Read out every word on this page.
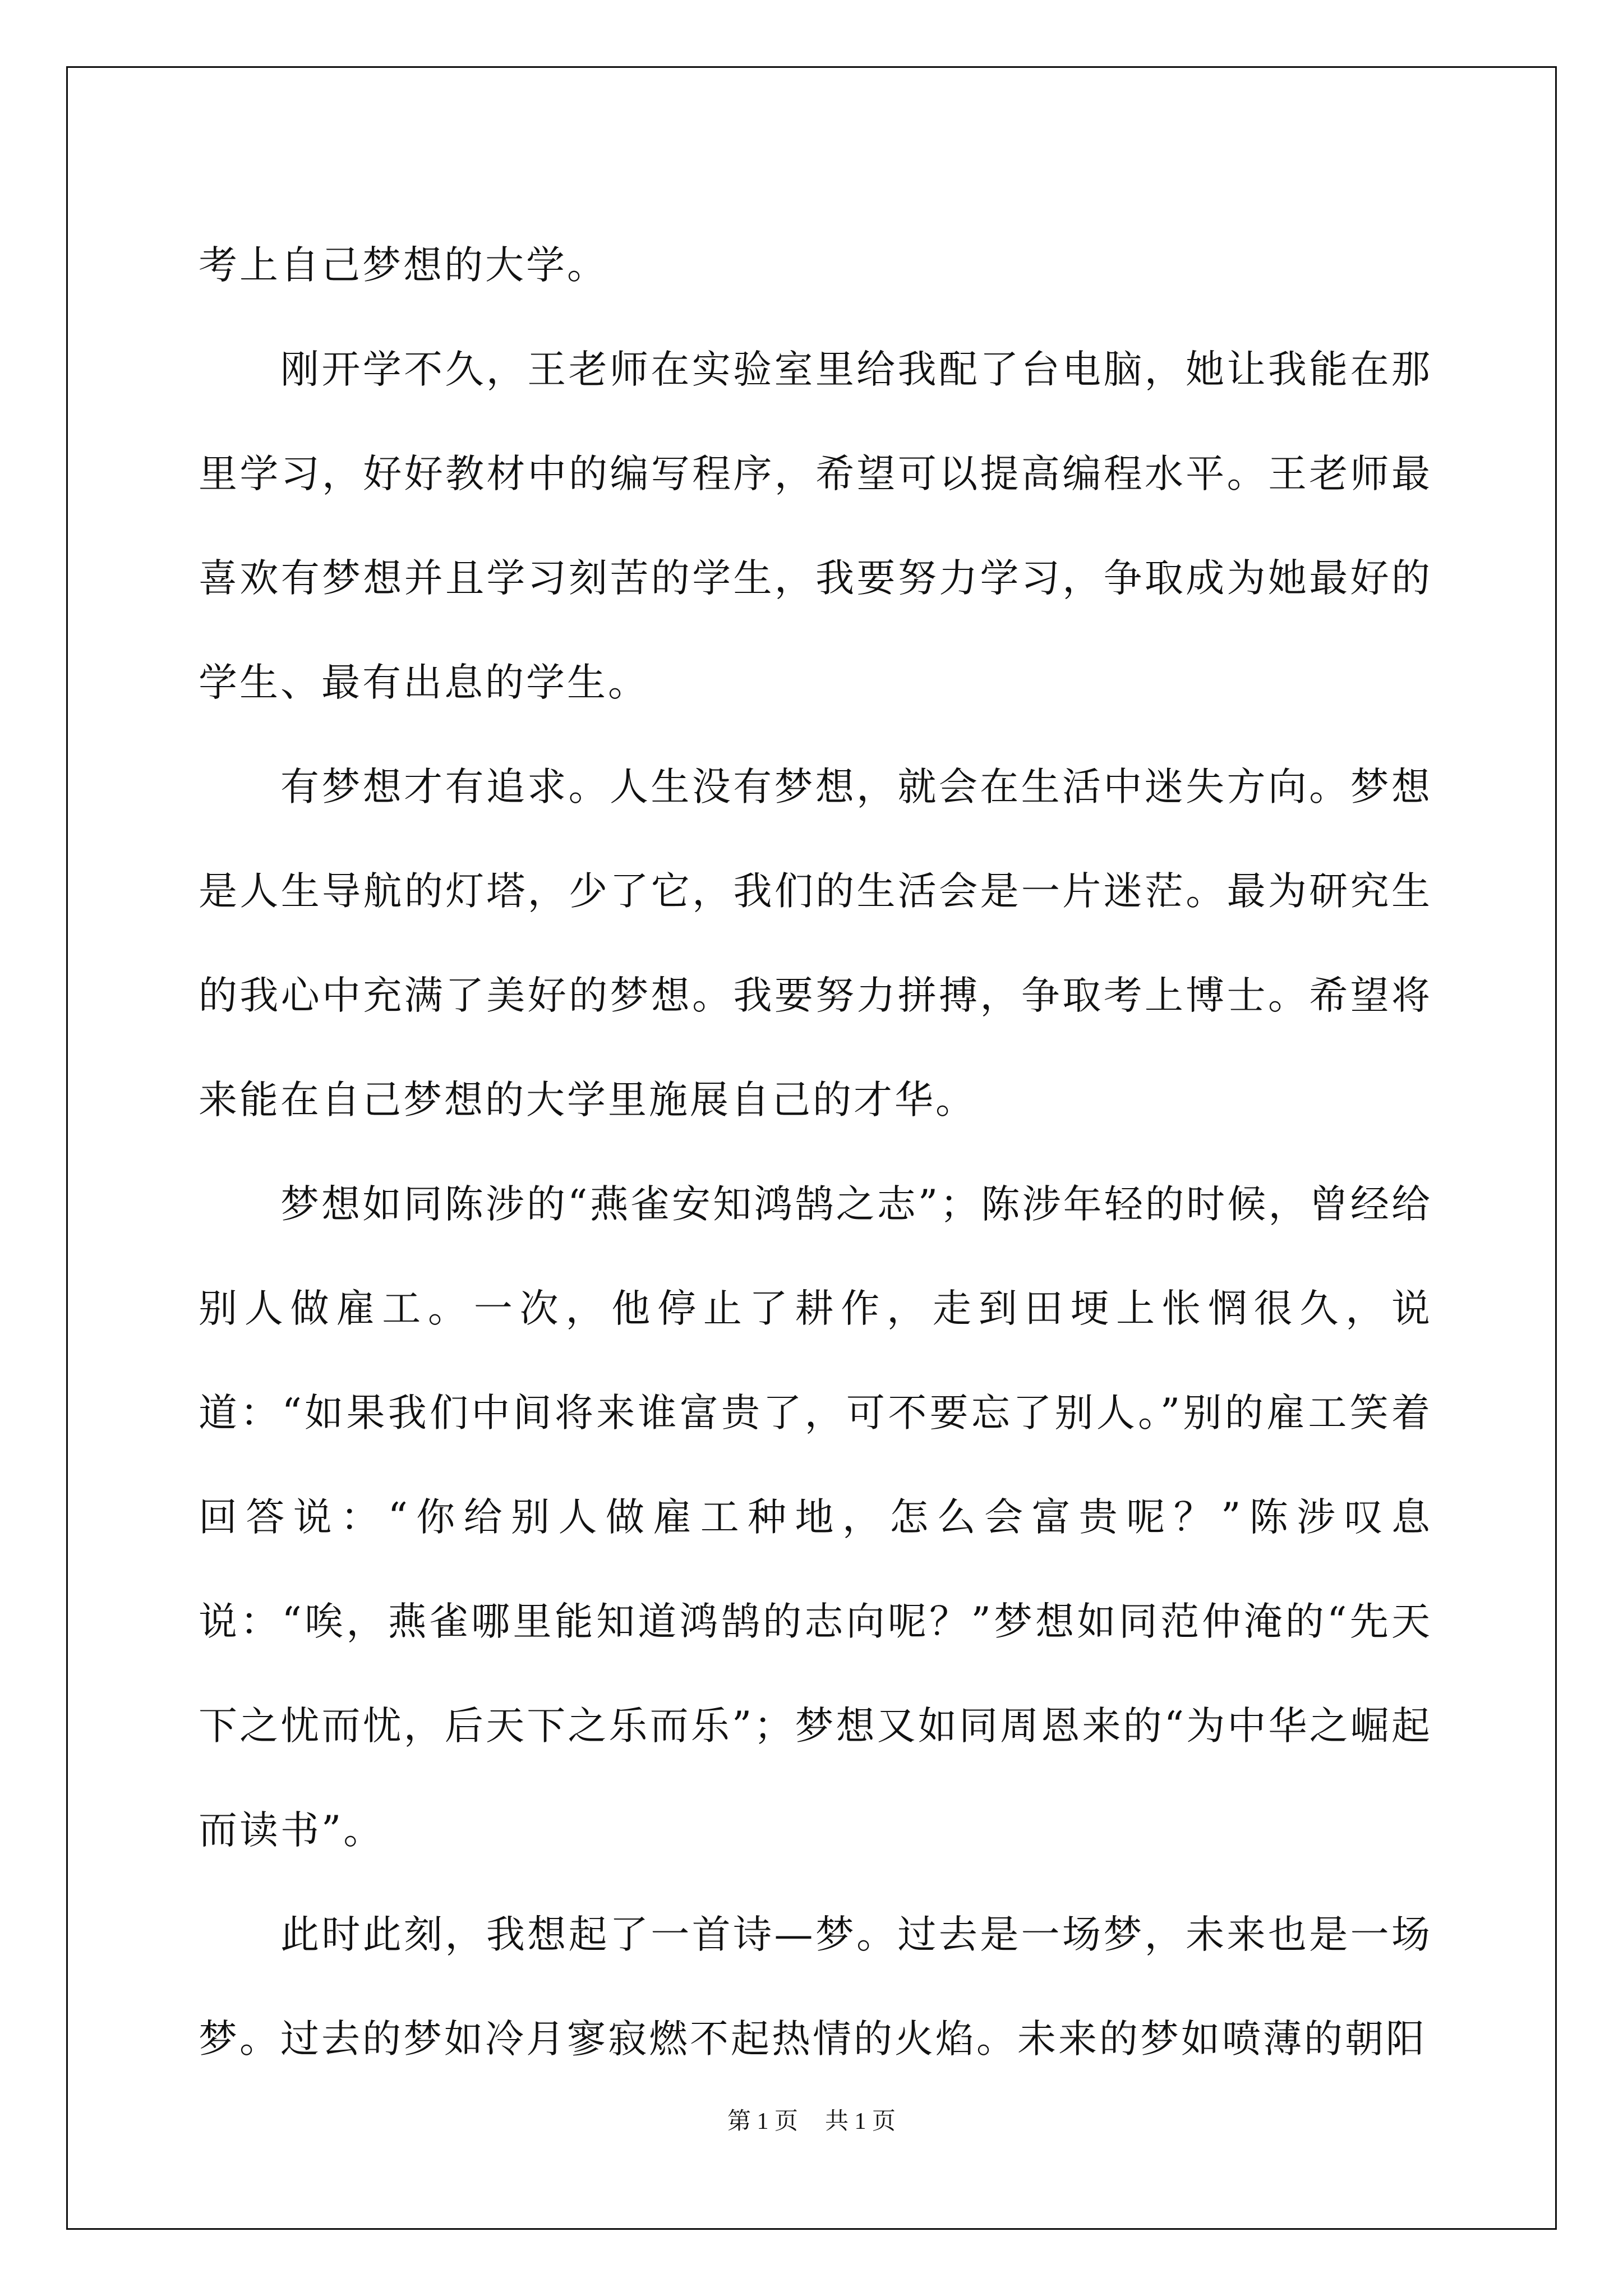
考上自己梦想的大学。

刚开学不久，王老师在实验室里给我配了台电脑，她让我能在那里学习，好好教材中的编写程序，希望可以提高编程水平。王老师最喜欢有梦想并且学习刻苦的学生，我要努力学习，争取成为她最好的学生、最有出息的学生。

有梦想才有追求。人生没有梦想，就会在生活中迷失方向。梦想是人生导航的灯塔，少了它，我们的生活会是一片迷茫。最为研究生的我心中充满了美好的梦想。我要努力拼搏，争取考上博士。希望将来能在自己梦想的大学里施展自己的才华。

梦想如同陈涉的“燕雀安知鸿鹄之志”；陈涉年轻的时候，曾经给别人做雇工。一次，他停止了耕作，走到田埂上怅惘很久，说道：“如果我们中间将来谁富贵了，可不要忘了别人。”别的雇工笑着回答说：“你给别人做雇工种地，怎么会富贵呢？”陈涉叹息说：“唉，燕雀哪里能知道鸿鹄的志向呢？”梦想如同范仲淹的“先天下之忧而忧，后天下之乐而乐”；梦想又如同周恩来的“为中华之崛起而读书”。

此时此刻，我想起了一首诗—梦。过去是一场梦，未来也是一场梦。过去的梦如冷月寥寂燃不起热情的火焰。未来的梦如喷薄的朝阳

第 1 页 共 1 页
